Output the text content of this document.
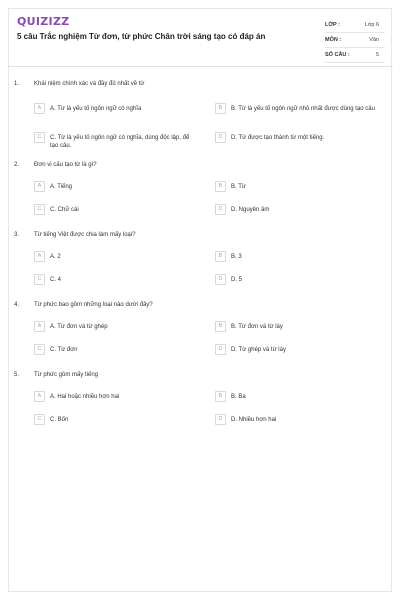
QUIZIZZ
5 câu Trắc nghiệm Từ đơn, từ phức Chân trời sáng tạo có đáp án
LỚP :	Lớp 6
MÔN :	Văn
SỐ CÂU :	5
1. Khái niệm chính xác và đầy đủ nhất về từ
A	A. Từ là yếu tố ngôn ngữ có nghĩa	B	B. Từ là yếu tố ngôn ngữ nhỏ nhất được dùng tạo câu
C	C. Từ là yếu tố ngôn ngữ có nghĩa, dùng độc lập, để tạo câu.
D	D. Từ được tạo thành từ một tiếng.
2. Đơn vị cấu tạo từ là gì?
A	A. Tiếng	B	B. Từ
C	C. Chữ cái	D	D. Nguyên âm
3. Từ tiếng Việt được chia làm mấy loại?
A	A. 2	B	B. 3
C	C. 4	D	D. 5
4. Từ phức bao gồm những loại nào dưới đây?
A	A. Từ đơn và từ ghép	B	B. Từ đơn và từ láy
C	C. Từ đơn	D	D. Từ ghép và từ láy
5. Từ phức gồm mấy tiếng
A	A. Hai hoặc nhiều hơn hai	B	B. Ba
C	C. Bốn	D	D. Nhiều hơn hai
